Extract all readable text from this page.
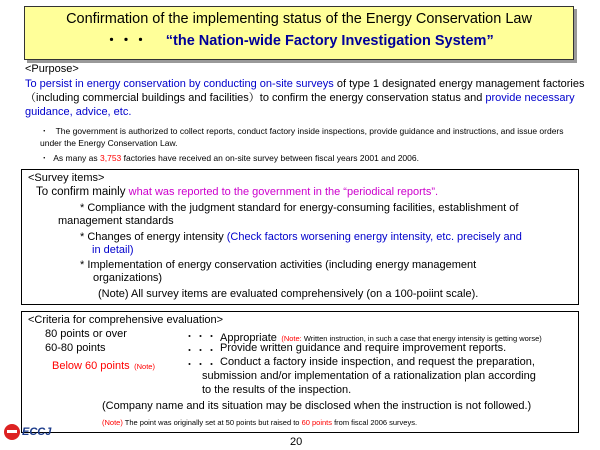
Confirmation of the implementing status of the Energy Conservation Law
・・・ “the Nation-wide Factory Investigation System”
<Purpose>
To persist in energy conservation by conducting on-site surveys of type 1 designated energy management factories（including commercial buildings and facilities）to confirm the energy conservation status and provide necessary guidance, advice, etc.
・   The government is authorized to collect reports, conduct factory inside inspections, provide guidance and instructions, and issue orders under the Energy Conservation Law.
・  As many as 3,753 factories have received an on-site survey between fiscal years 2001 and 2006.
<Survey items>
To confirm mainly what was reported to the government in the “periodical reports”.
* Compliance with the judgment standard for energy-consuming facilities, establishment of
management standards
* Changes of energy intensity (Check factors worsening energy intensity, etc. precisely and
in detail)
* Implementation of energy conservation activities (including energy management
organizations)
(Note) All survey items are evaluated comprehensively (on a 100-poiint scale).
<Criteria for comprehensive evaluation>
80 points or over	・・・ Appropriate (Note: Written instruction, in such a case that energy intensity is getting worse)
60-80 points	・・・ Provide written guidance and require improvement reports.
Below 60 points (Note)	・・・ Conduct a factory inside inspection, and request the preparation,
submission and/or implementation of a rationalization plan according
to the results of the inspection.
(Company name and its situation may be disclosed when the instruction is not followed.)
(Note) The point was originally set at 50 points but raised to 60 points from fiscal 2006 surveys.
ECCJ
20
